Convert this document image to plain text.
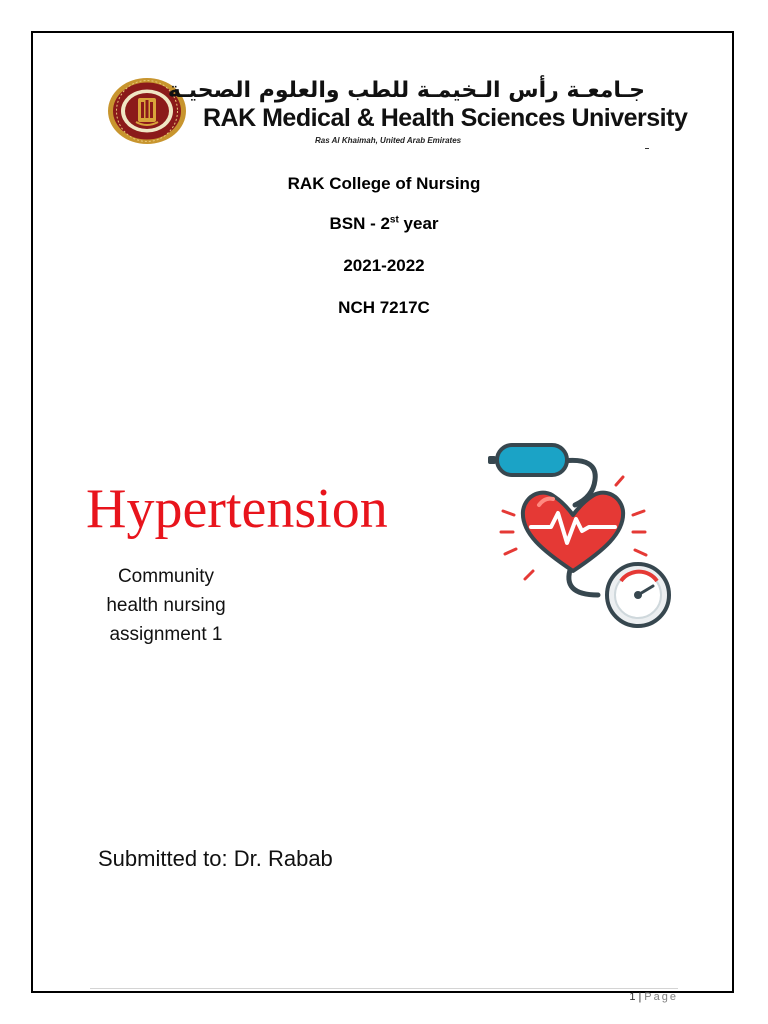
جـامعـة رأس الـخيمـة للطب والعلوم الصحيـة
RAK Medical & Health Sciences University
Ras Al Khaimah, United Arab Emirates
RAK College of Nursing
BSN - 2st year
2021-2022
NCH 7217C
Hypertension
Community
health nursing
assignment 1
Submitted to: Dr. Rabab
1 | Page
